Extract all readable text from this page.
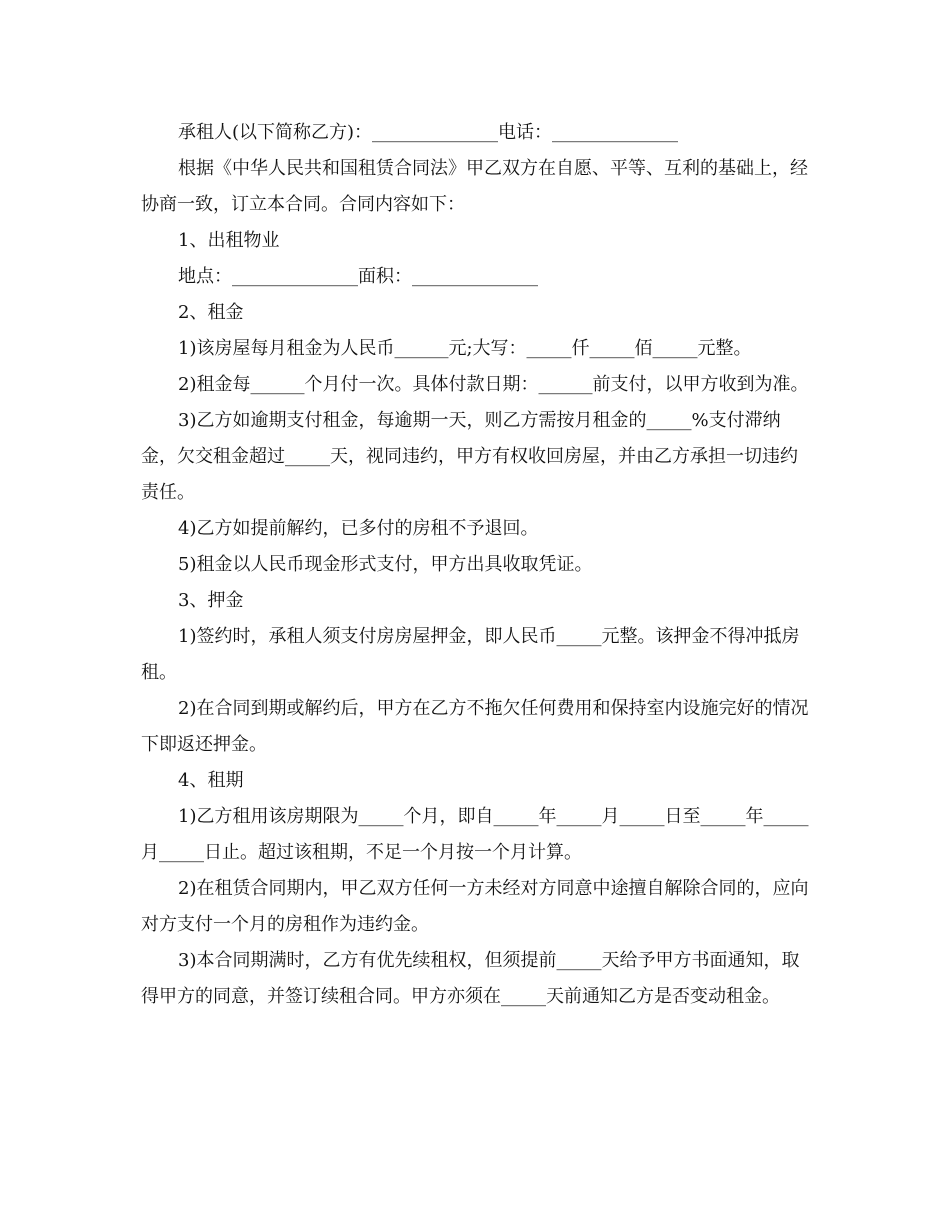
承租人(以下简称乙方)：______________电话：______________

根据《中华人民共和国租赁合同法》甲乙双方在自愿、平等、互利的基础上，经协商一致，订立本合同。合同内容如下：

1、出租物业

地点：______________面积：______________

2、租金

1)该房屋每月租金为人民币______元;大写：_____仟_____佰_____元整。

2)租金每______个月付一次。具体付款日期：______前支付，以甲方收到为准。

3)乙方如逾期支付租金，每逾期一天，则乙方需按月租金的_____%支付滞纳金，欠交租金超过_____天，视同违约，甲方有权收回房屋，并由乙方承担一切违约责任。

4)乙方如提前解约，已多付的房租不予退回。

5)租金以人民币现金形式支付，甲方出具收取凭证。

3、押金

1)签约时，承租人须支付房房屋押金，即人民币_____元整。该押金不得冲抵房租。

2)在合同到期或解约后，甲方在乙方不拖欠任何费用和保持室内设施完好的情况下即返还押金。

4、租期

1)乙方租用该房期限为_____个月，即自_____年_____月_____日至_____年_____月_____日止。超过该租期，不足一个月按一个月计算。

2)在租赁合同期内，甲乙双方任何一方未经对方同意中途擅自解除合同的，应向对方支付一个月的房租作为违约金。

3)本合同期满时，乙方有优先续租权，但须提前_____天给予甲方书面通知，取得甲方的同意，并签订续租合同。甲方亦须在_____天前通知乙方是否变动租金。
